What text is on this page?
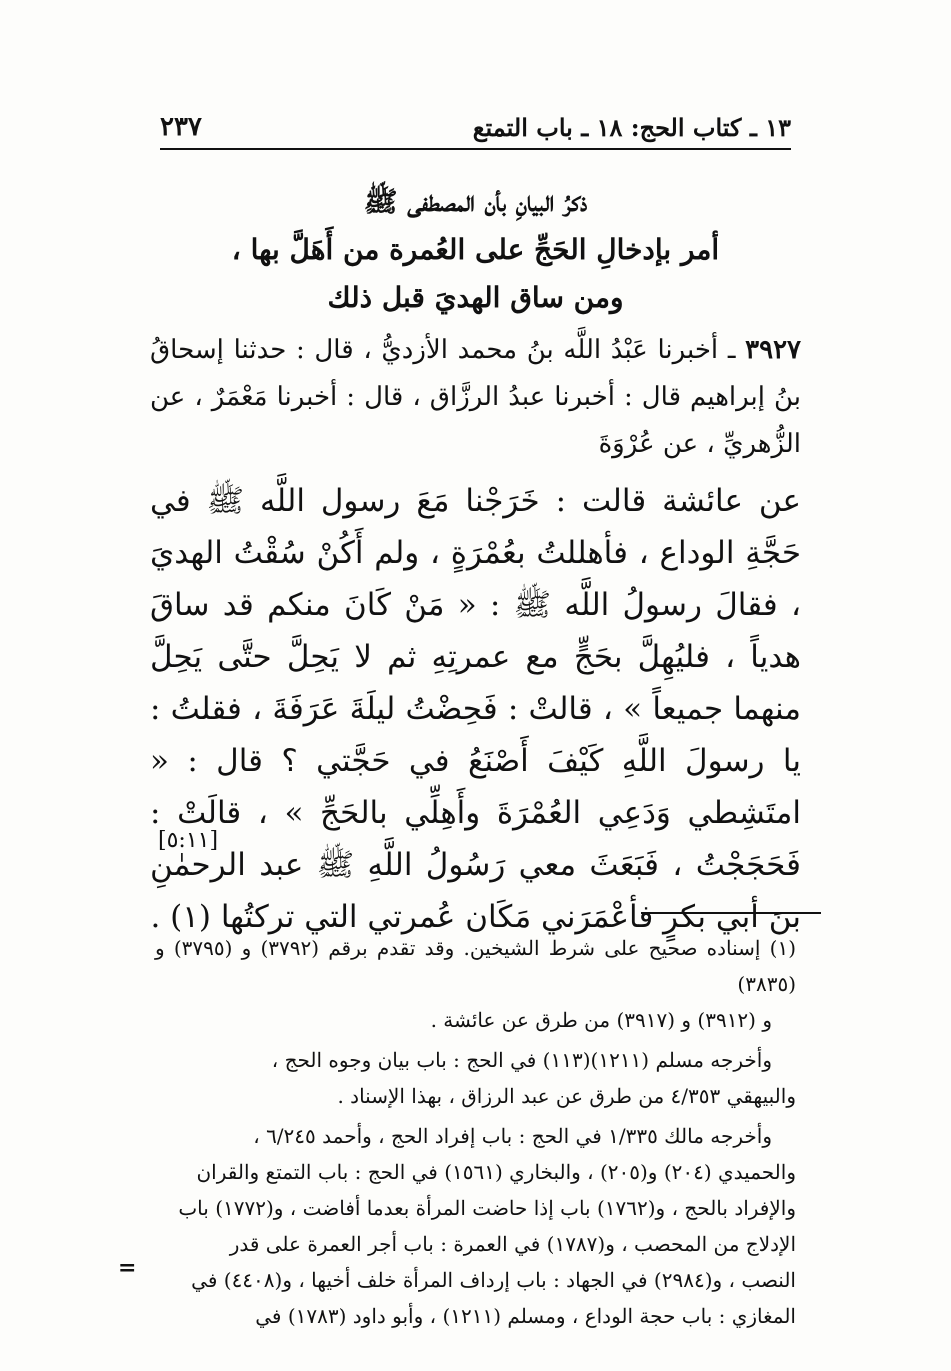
١٣ ـ كتاب الحج: ١٨ ـ باب التمتع
٢٣٧
ذكرُ البيانِ بأن المصطفى ﷺ
أمر بإدخالِ الحَجِّ على العُمرة من أَهَلَّ بها ،
ومن ساق الهديَ قبل ذلك
٣٩٢٧ ـ أخبرنا عَبْدُ اللَّه بنُ محمد الأزديُّ ، قال : حدثنا إسحاقُ بنُ إبراهيم قال : أخبرنا عبدُ الرزَّاق ، قال : أخبرنا مَعْمَرٌ ، عن الزُّهريِّ ، عن عُرْوَةَ
عن عائشة قالت : خَرَجْنا مَعَ رسول اللَّه ﷺ في حَجَّةِ الوداع ، فأهللتُ بعُمْرَةٍ ، ولم أَكُنْ سُقْتُ الهديَ ، فقالَ رسولُ اللَّه ﷺ : « مَنْ كَانَ منكم قد ساقَ هدياً ، فليُهِلَّ بحَجٍّ مع عمرتِهِ ثم لا يَحِلَّ حتَّى يَحِلَّ منهما جميعاً » ، قالتْ : فَحِضْتُ ليلَةَ عَرَفَةَ ، فقلتُ : يا رسولَ اللَّهِ كَيْفَ أَصْنَعُ في حَجَّتي ؟ قال : « امتَشِطي وَدَعِي العُمْرَةَ وأَهِلِّي بالحَجِّ » ، قالَتْ : فَحَجَجْتُ ، فَبَعَثَ معي رَسُولُ اللَّهِ ﷺ عبد الرحمٰنِ بنَ أبي بكرٍ فأعْمَرَني مَكَان عُمرتي التي تركتُها (١) .
[٥:١١]

(١) إسناده صحيح على شرط الشيخين. وقد تقدم برقم (٣٧٩٢) و (٣٧٩٥) و (٣٨٣٥)
و (٣٩١٢) و (٣٩١٧) من طرق عن عائشة .

وأخرجه مسلم (١٢١١)(١١٣) في الحج : باب بيان وجوه الحج ،
والبيهقي ٤/٣٥٣ من طرق عن عبد الرزاق ، بهذا الإسناد .

وأخرجه مالك ١/٣٣٥ في الحج : باب إفراد الحج ، وأحمد ٦/٢٤٥ ،
والحميدي (٢٠٤) و(٢٠٥) ، والبخاري (١٥٦١) في الحج : باب التمتع والقران
والإفراد بالحج ، و(١٧٦٢) باب إذا حاضت المرأة بعدما أفاضت ، و(١٧٧٢) باب
الإدلاج من المحصب ، و(١٧٨٧) في العمرة : باب أجر العمرة على قدر
النصب ، و(٢٩٨٤) في الجهاد : باب إرداف المرأة خلف أخيها ، و(٤٤٠٨) في
المغازي : باب حجة الوداع ، ومسلم (١٢١١) ، وأبو داود (١٧٨٣) في

=
